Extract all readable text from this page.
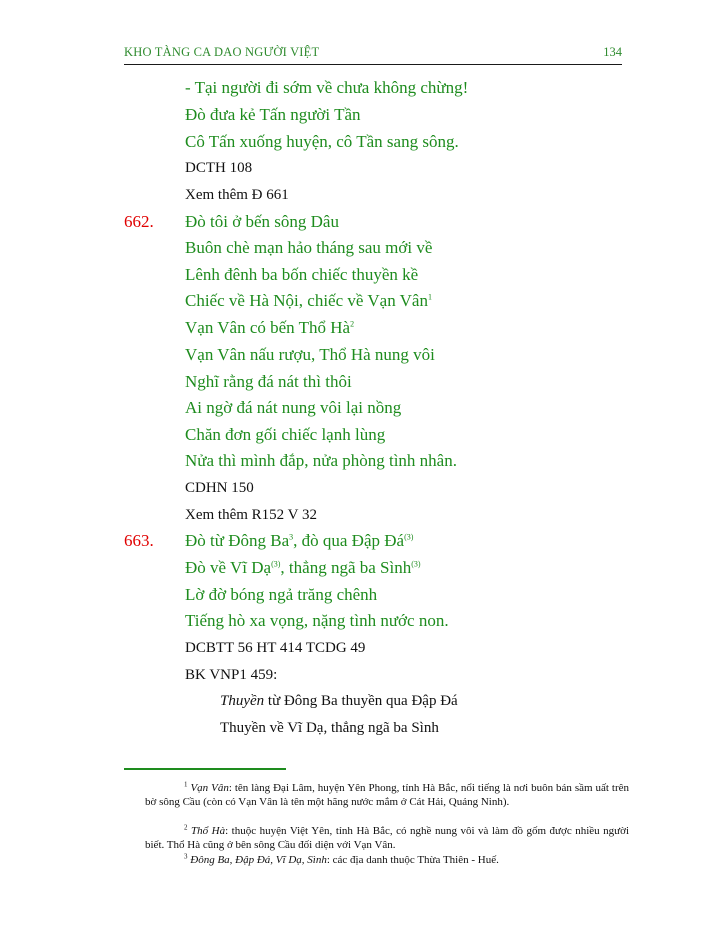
KHO TÀNG CA DAO NGƯỜI VIỆT	134
- Tại người đi sớm về chưa không chừng!
Đò đưa kẻ Tấn người Tần
Cô Tấn xuống huyện, cô Tần sang sông.
DCTH 108
Xem thêm Đ 661
662. Đò tôi ở bến sông Dâu
Buôn chè mạn hảo tháng sau mới về
Lênh đênh ba bốn chiếc thuyền kề
Chiếc về Hà Nội, chiếc về Vạn Vân$^1$
Vạn Vân có bến Thổ $Hà^2$
Vạn Vân nấu rượu, Thổ Hà nung vôi
Nghĩ rằng đá nát thì thôi
Ai ngờ đá nát nung vôi lại nồng
Chăn đơn gối chiếc lạnh lùng
Nửa thì mình đắp, nửa phòng tình nhân.
CDHN 150
Xem thêm R152 V 32
663. Đò từ Đông Ba$^3$, đò qua Đập $Đá^{(3)}$
Đò về Vĩ Dạ$^{(3)}$, thẳng ngã ba Sình$^{(3)}$
Lờ đờ bóng ngả trăng chênh
Tiếng hò xa vọng, nặng tình nước non.
DCBTT 56 HT 414 TCDG 49
BK VNP1 459:
Thuyền từ Đông Ba thuyền qua Đập Đá
Thuyền về Vĩ Dạ, thẳng ngã ba Sình
$^1$ Vạn Vân: tên làng Đại Lâm, huyện Yên Phong, tỉnh Hà Bắc, nổi tiếng là nơi buôn bán sầm uất trên bờ sông Cầu (còn có Vạn Vân là tên một hãng nước mắm ở Cát Hải, Quảng Ninh).
$^2$ Thổ Hà: thuộc huyện Việt Yên, tỉnh Hà Bắc, có nghề nung vôi và làm đồ gốm được nhiều người biết. Thổ Hà cũng ở bên sông Cầu đối diện với Vạn Vân.
$^3$ Đông Ba, Đập Đá, Vĩ Dạ, Sình: các địa danh thuộc Thừa Thiên - Huế.
